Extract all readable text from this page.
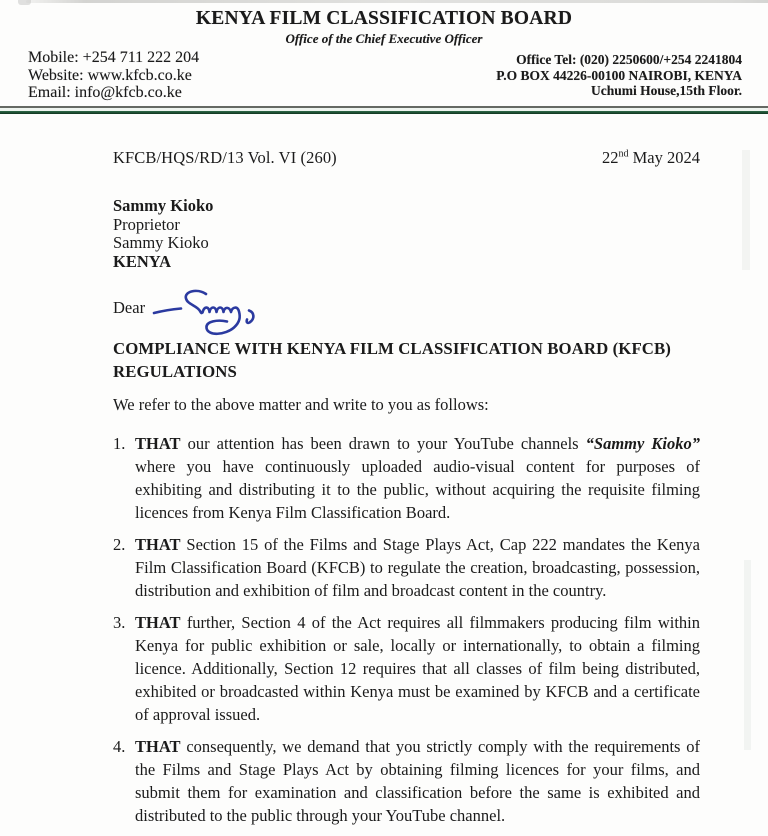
KENYA FILM CLASSIFICATION BOARD
Office of the Chief Executive Officer
Mobile: +254 711 222 204
Website: www.kfcb.co.ke
Email: info@kfcb.co.ke
Office Tel: (020) 2250600/+254 2241804
P.O BOX 44226-00100 NAIROBI, KENYA
Uchumi House,15th Floor.
KFCB/HQS/RD/13 Vol. VI (260)	22nd May 2024
Sammy Kioko
Proprietor
Sammy Kioko
KENYA
Dear
COMPLIANCE WITH KENYA FILM CLASSIFICATION BOARD (KFCB) REGULATIONS

We refer to the above matter and write to you as follows:

1. THAT our attention has been drawn to your YouTube channels “Sammy Kioko” where you have continuously uploaded audio-visual content for purposes of exhibiting and distributing it to the public, without acquiring the requisite filming licences from Kenya Film Classification Board.
2. THAT Section 15 of the Films and Stage Plays Act, Cap 222 mandates the Kenya Film Classification Board (KFCB) to regulate the creation, broadcasting, possession, distribution and exhibition of film and broadcast content in the country.
3. THAT further, Section 4 of the Act requires all filmmakers producing film within Kenya for public exhibition or sale, locally or internationally, to obtain a filming licence. Additionally, Section 12 requires that all classes of film being distributed, exhibited or broadcasted within Kenya must be examined by KFCB and a certificate of approval issued.
4. THAT consequently, we demand that you strictly comply with the requirements of the Films and Stage Plays Act by obtaining filming licences for your films, and submit them for examination and classification before the same is exhibited and distributed to the public through your YouTube channel.
